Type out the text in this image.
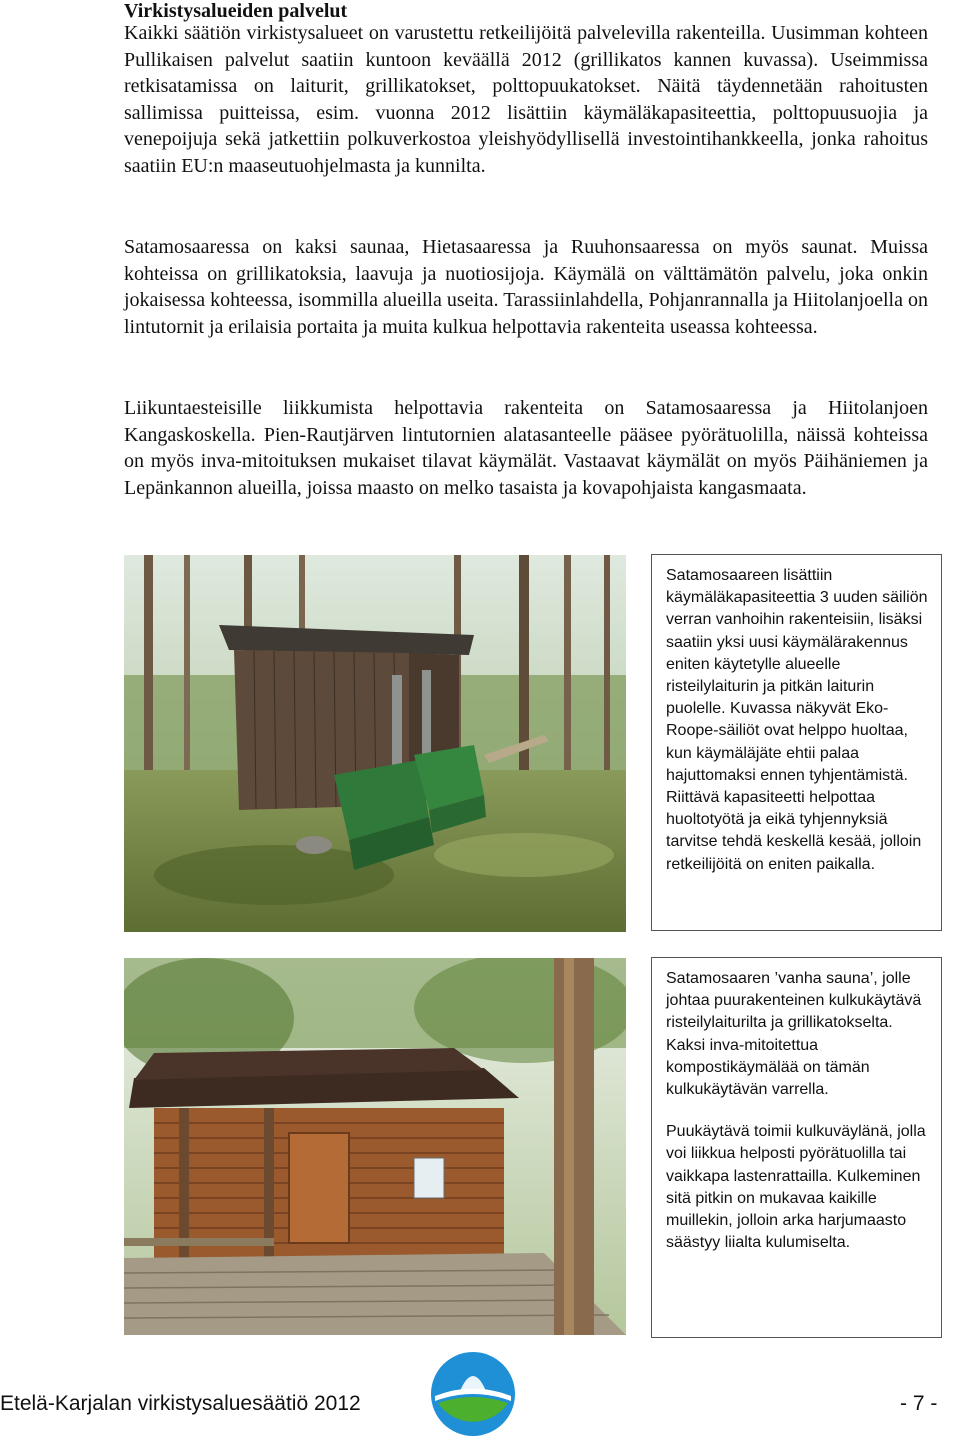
Virkistysalueiden palvelut

Kaikki säätiön virkistysalueet on varustettu retkeilijöitä palvelevilla rakenteilla. Uusimman kohteen Pullikaisen palvelut saatiin kuntoon keväällä 2012 (grillikatos kannen kuvassa). Useimmissa retkisatamissa on laiturit, grillikatokset, polttopuukatokset. Näitä täydennetään rahoitusten sallimissa puitteissa, esim. vuonna 2012 lisättiin käymäläkapasiteettia, polttopuusuojia ja venepoijuja sekä jatkettiin polkuverkostoa yleishyödyllisellä investointihankkeella, jonka rahoitus saatiin EU:n maaseutuohjelmasta ja kunnilta.

Satamosaaressa on kaksi saunaa, Hietasaaressa ja Ruuhonsaaressa on myös saunat. Muissa kohteissa on grillikatoksia, laavuja ja nuotiosijoja. Käymälä on välttämätön palvelu, joka onkin jokaisessa kohteessa, isommilla alueilla useita. Tarassiinlahdella, Pohjanrannalla ja Hiitolanjoella on lintutornit ja erilaisia portaita ja muita kulkua helpottavia rakenteita useassa kohteessa.

Liikuntaesteisille liikkumista helpottavia rakenteita on Satamosaaressa ja Hiitolanjoen Kangaskoskella. Pien-Rautjärven lintutornien alatasanteelle pääsee pyörätuolilla, näissä kohteissa on myös inva-mitoituksen mukaiset tilavat käymälät. Vastaavat käymälät on myös Päihäniemen ja Lepänkannon alueilla, joissa maasto on melko tasaista ja kovapohjaista kangasmaata.

Satamosaareen lisättiin käymäläkapasiteettia 3 uuden säiliön verran vanhoihin rakenteisiin, lisäksi saatiin yksi uusi käymälärakennus eniten käytetylle alueelle risteilylaiturin ja pitkän laiturin puolelle. Kuvassa näkyvät Eko-Roope-säiliöt ovat helppo huoltaa, kun käymäläjäte ehtii palaa hajuttomaksi ennen tyhjentämistä. Riittävä kapasiteetti helpottaa huoltotyötä ja eikä tyhjennyksiä tarvitse tehdä keskellä kesää, jolloin retkeilijöitä on eniten paikalla.

Satamosaaren ’vanha sauna’, jolle johtaa puurakenteinen kulkukäytävä risteilylaiturilta ja grillikatokselta. Kaksi inva-mitoitettua kompostikäymälää on tämän kulkukäytävän varrella.

Puukäytävä toimii kulkuväylänä, jolla voi liikkua helposti pyörätuolilla tai vaikkapa lastenrattailla. Kulkeminen sitä pitkin on mukavaa kaikille muillekin, jolloin arka harjumaasto säästyy liialta kulumiselta.

Etelä-Karjalan virkistysaluesäätiö 2012	- 7 -
